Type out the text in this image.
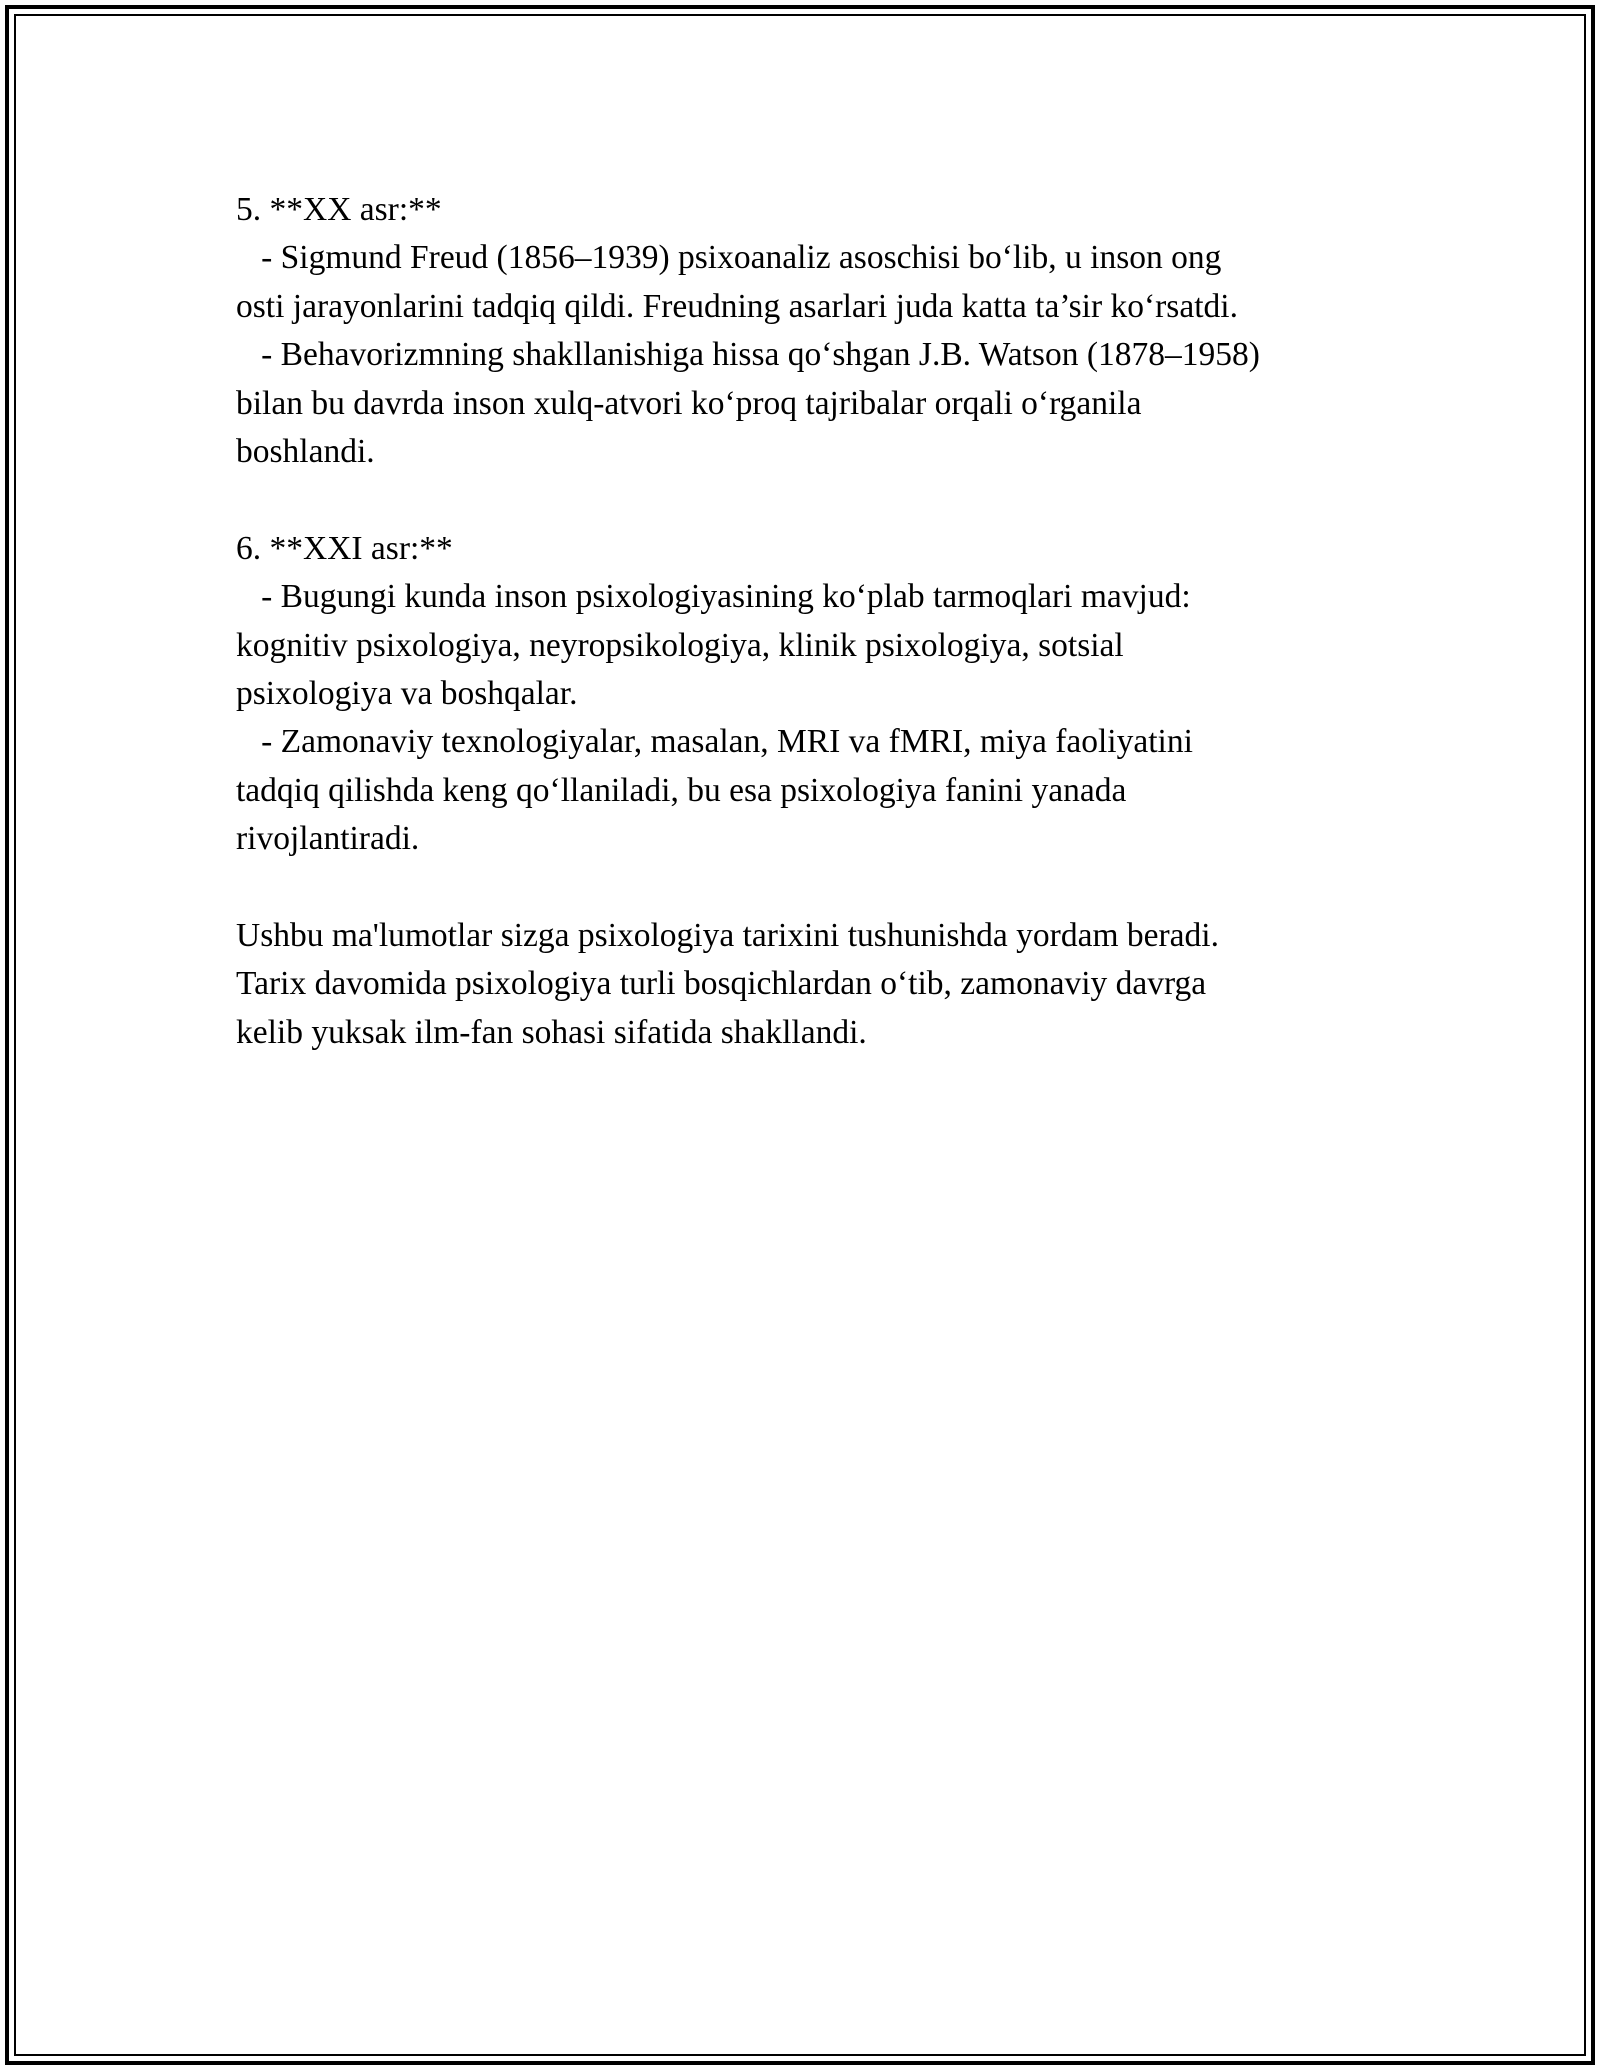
5. **XX asr:**
- Sigmund Freud (1856–1939) psixoanaliz asoschisi bo‘lib, u inson ong
osti jarayonlarini tadqiq qildi. Freudning asarlari juda katta ta’sir ko‘rsatdi.
- Behavorizmning shakllanishiga hissa qo‘shgan J.B. Watson (1878–1958)
bilan bu davrda inson xulq-atvori ko‘proq tajribalar orqali o‘rganila
boshlandi.
6. **XXI asr:**
- Bugungi kunda inson psixologiyasining ko‘plab tarmoqlari mavjud:
kognitiv psixologiya, neyropsikologiya, klinik psixologiya, sotsial
psixologiya va boshqalar.
- Zamonaviy texnologiyalar, masalan, MRI va fMRI, miya faoliyatini
tadqiq qilishda keng qo‘llaniladi, bu esa psixologiya fanini yanada
rivojlantiradi.
Ushbu ma'lumotlar sizga psixologiya tarixini tushunishda yordam beradi.
Tarix davomida psixologiya turli bosqichlardan o‘tib, zamonaviy davrga
kelib yuksak ilm-fan sohasi sifatida shakllandi.
